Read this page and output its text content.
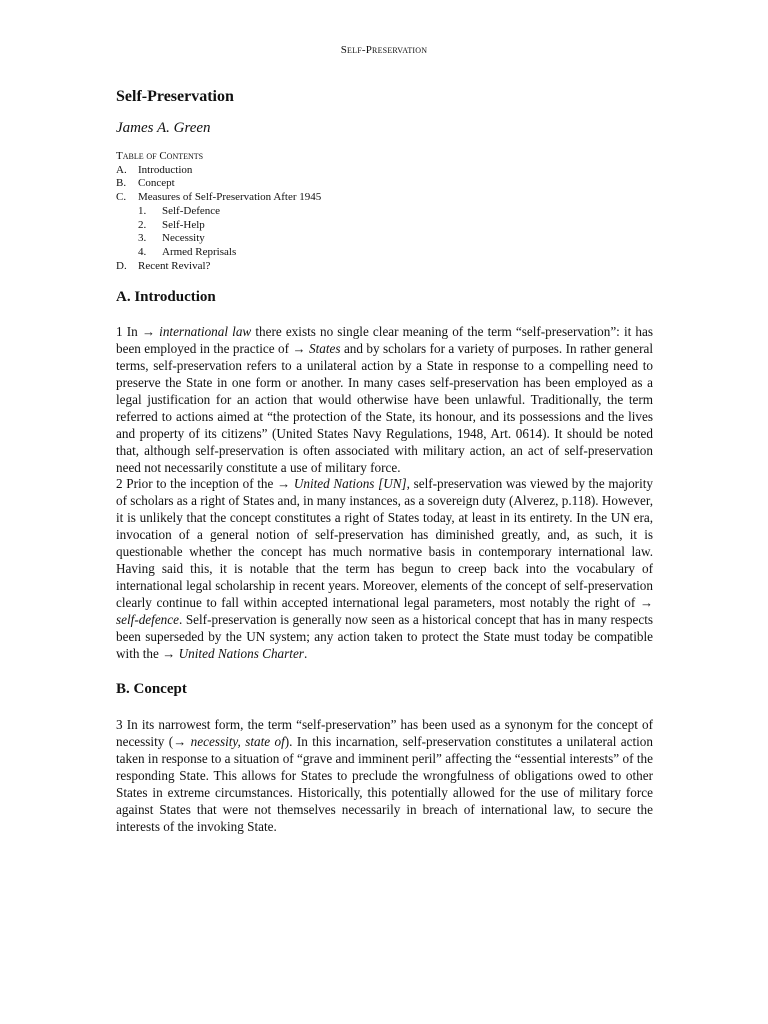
Self-Preservation
Self-Preservation
James A. Green
Table of Contents
A.	Introduction
B.	Concept
C.	Measures of Self-Preservation After 1945
1.	Self-Defence
2.	Self-Help
3.	Necessity
4.	Armed Reprisals
D.	Recent Revival?
A. Introduction

1 In → international law there exists no single clear meaning of the term “self-preservation”: it has been employed in the practice of → States and by scholars for a variety of purposes. In rather general terms, self-preservation refers to a unilateral action by a State in response to a compelling need to preserve the State in one form or another. In many cases self-preservation has been employed as a legal justification for an action that would otherwise have been unlawful. Traditionally, the term referred to actions aimed at “the protection of the State, its honour, and its possessions and the lives and property of its citizens” (United States Navy Regulations, 1948, Art. 0614). It should be noted that, although self-preservation is often associated with military action, an act of self-preservation need not necessarily constitute a use of military force.

2 Prior to the inception of the → United Nations [UN], self-preservation was viewed by the majority of scholars as a right of States and, in many instances, as a sovereign duty (Alverez, p.118). However, it is unlikely that the concept constitutes a right of States today, at least in its entirety. In the UN era, invocation of a general notion of self-preservation has diminished greatly, and, as such, it is questionable whether the concept has much normative basis in contemporary international law. Having said this, it is notable that the term has begun to creep back into the vocabulary of international legal scholarship in recent years. Moreover, elements of the concept of self-preservation clearly continue to fall within accepted international legal parameters, most notably the right of → self-defence. Self-preservation is generally now seen as a historical concept that has in many respects been superseded by the UN system; any action taken to protect the State must today be compatible with the → United Nations Charter.

B. Concept

3 In its narrowest form, the term “self-preservation” has been used as a synonym for the concept of necessity (→ necessity, state of). In this incarnation, self-preservation constitutes a unilateral action taken in response to a situation of “grave and imminent peril” affecting the “essential interests” of the responding State. This allows for States to preclude the wrongfulness of obligations owed to other States in extreme circumstances. Historically, this potentially allowed for the use of military force against States that were not themselves necessarily in breach of international law, to secure the interests of the invoking State.
